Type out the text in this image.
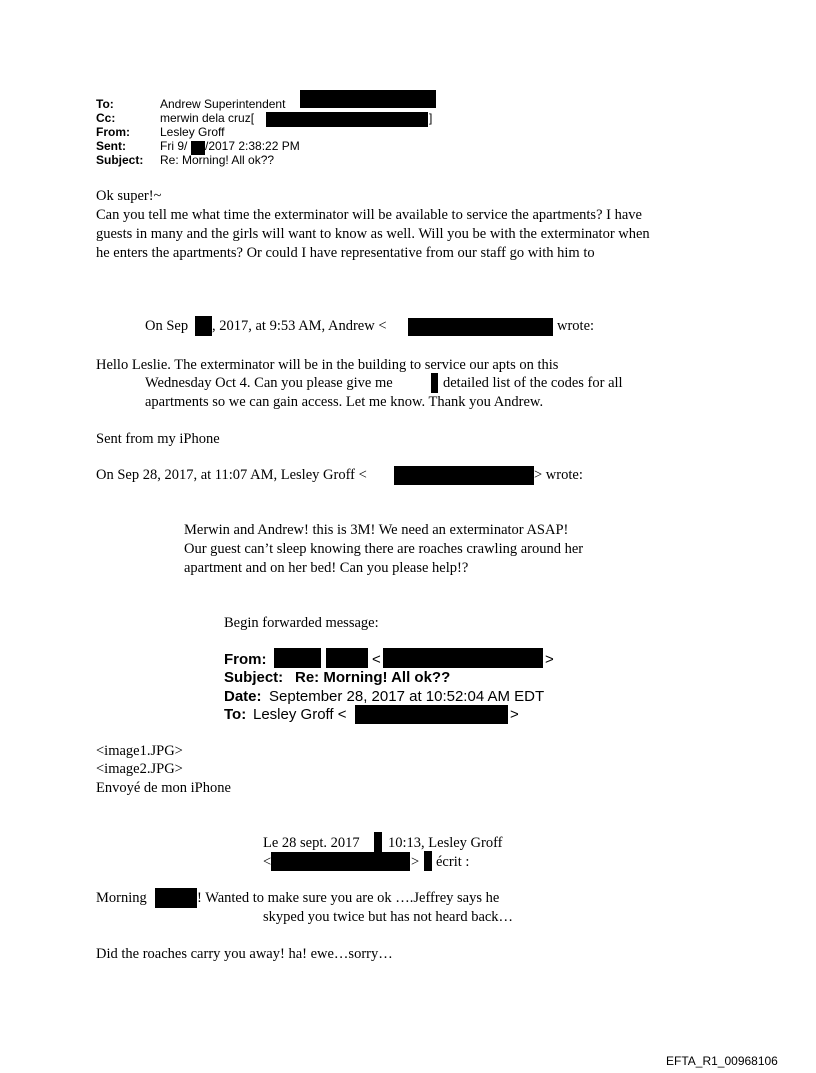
To:	Andrew Superintendent
Cc:	merwin dela cruz[	]
From:	Lesley Groff
Sent:	Fri 9/ /2017 2:38:22 PM
Subject: Re: Morning! All ok??
Ok super!~
Can you tell me what time the exterminator will be available to service the apartments? I have
guests in many and the girls will want to know as well. Will you be with the exterminator when
he enters the apartments? Or could I have representative from our staff go with him to
On Sep , 2017, at 9:53 AM, Andrew <	wrote:
Hello Leslie. The exterminator will be in the building to service our apts on this
Wednesday Oct 4. Can you please give me	detailed list of the codes for all
apartments so we can gain access. Let me know. Thank you Andrew.
Sent from my iPhone
On Sep 28, 2017, at 11:07 AM, Lesley Groff <	> wrote:
Merwin and Andrew! this is 3M! We need an exterminator ASAP!
Our guest can’t sleep knowing there are roaches crawling around her
apartment and on her bed! Can you please help!?
Begin forwarded message:
From:	<	>
Subject: Re: Morning! All ok??
Date: September 28, 2017 at 10:52:04 AM EDT
To: Lesley Groff <	>
<image1.JPG>
<image2.JPG>
Envoyé de mon iPhone
Le 28 sept. 2017 10:13, Lesley Groff
<	> écrit :
Morning	! Wanted to make sure you are ok ….Jeffrey says he
skyped you twice but has not heard back…
Did the roaches carry you away! ha! ewe…sorry…
EFTA_R1_00968106
